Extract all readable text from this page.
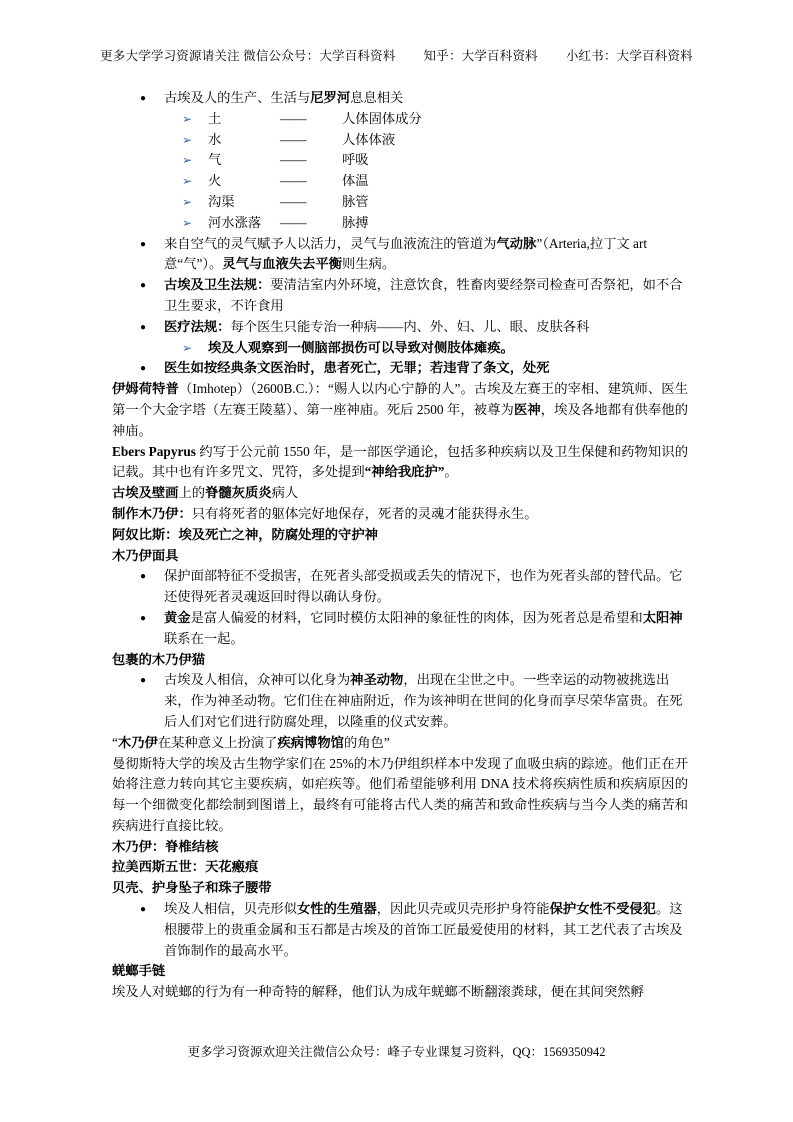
更多大学学习资源请关注 微信公众号：大学百科资料 知乎：大学百科资料 小红书：大学百科资料
● 古埃及人的生产、生活与尼罗河息息相关
➢ 土	——	人体固体成分
➢ 水	——	人体体液
➢ 气	——	呼吸
➢ 火	——	体温
➢ 沟渠	——	脉管
➢ 河水涨落 ——	脉搏
● 来自空气的灵气赋予人以活力，灵气与血液流注的管道为气动脉”（Arteria,拉丁文 art 意“气”）。灵气与血液失去平衡则生病。
● 古埃及卫生法规：要清洁室内外环境，注意饮食，牲畜肉要经祭司检查可否祭祀，如不合卫生要求，不许食用
● 医疗法规：每个医生只能专治一种病——内、外、妇、儿、眼、皮肤各科
➢ 埃及人观察到一侧脑部损伤可以导致对侧肢体瘫痪。
● 医生如按经典条文医治时，患者死亡，无罪；若违背了条文，处死

伊姆荷特普（Imhotep）（2600B.C.）：“赐人以内心宁静的人”。古埃及左赛王的宰相、建筑师、医生 第一个大金字塔（左赛王陵墓）、第一座神庙。死后 2500 年，被尊为医神，埃及各地都有供奉他的神庙。

Ebers Papyrus 约写于公元前 1550 年，是一部医学通论，包括多种疾病以及卫生保健和药物知识的记载。其中也有许多咒文、咒符，多处提到“神给我庇护”。

古埃及壁画上的脊髓灰质炎病人

制作木乃伊：只有将死者的躯体完好地保存，死者的灵魂才能获得永生。

阿奴比斯：埃及死亡之神，防腐处理的守护神

木乃伊面具

● 保护面部特征不受损害，在死者头部受损或丢失的情况下，也作为死者头部的替代品。它还使得死者灵魂返回时得以确认身份。
● 黄金是富人偏爱的材料，它同时模仿太阳神的象征性的肉体，因为死者总是希望和太阳神联系在一起。

包裹的木乃伊猫

● 古埃及人相信，众神可以化身为神圣动物，出现在尘世之中。一些幸运的动物被挑选出来，作为神圣动物。它们住在神庙附近，作为该神明在世间的化身而享尽荣华富贵。在死后人们对它们进行防腐处理，以隆重的仪式安葬。

“木乃伊在某种意义上扮演了疾病博物馆的角色”

曼彻斯特大学的埃及古生物学家们在 25%的木乃伊组织样本中发现了血吸虫病的踪迹。他们正在开始将注意力转向其它主要疾病，如疟疾等。他们希望能够利用 DNA 技术将疾病性质和疾病原因的每一个细微变化都绘制到图谱上，最终有可能将古代人类的痛苦和致命性疾病与当今人类的痛苦和疾病进行直接比较。

木乃伊：脊椎结核

拉美西斯五世：天花瘢痕

贝壳、护身坠子和珠子腰带

● 埃及人相信，贝壳形似女性的生殖器，因此贝壳或贝壳形护身符能保护女性不受侵犯。这根腰带上的贵重金属和玉石都是古埃及的首饰工匠最爱使用的材料，其工艺代表了古埃及首饰制作的最高水平。

蜣螂手链

埃及人对蜣螂的行为有一种奇特的解释，他们认为成年蜣螂不断翻滚粪球，便在其间突然孵

更多学习资源欢迎关注微信公众号：峰子专业课复习资料，QQ：1569350942
